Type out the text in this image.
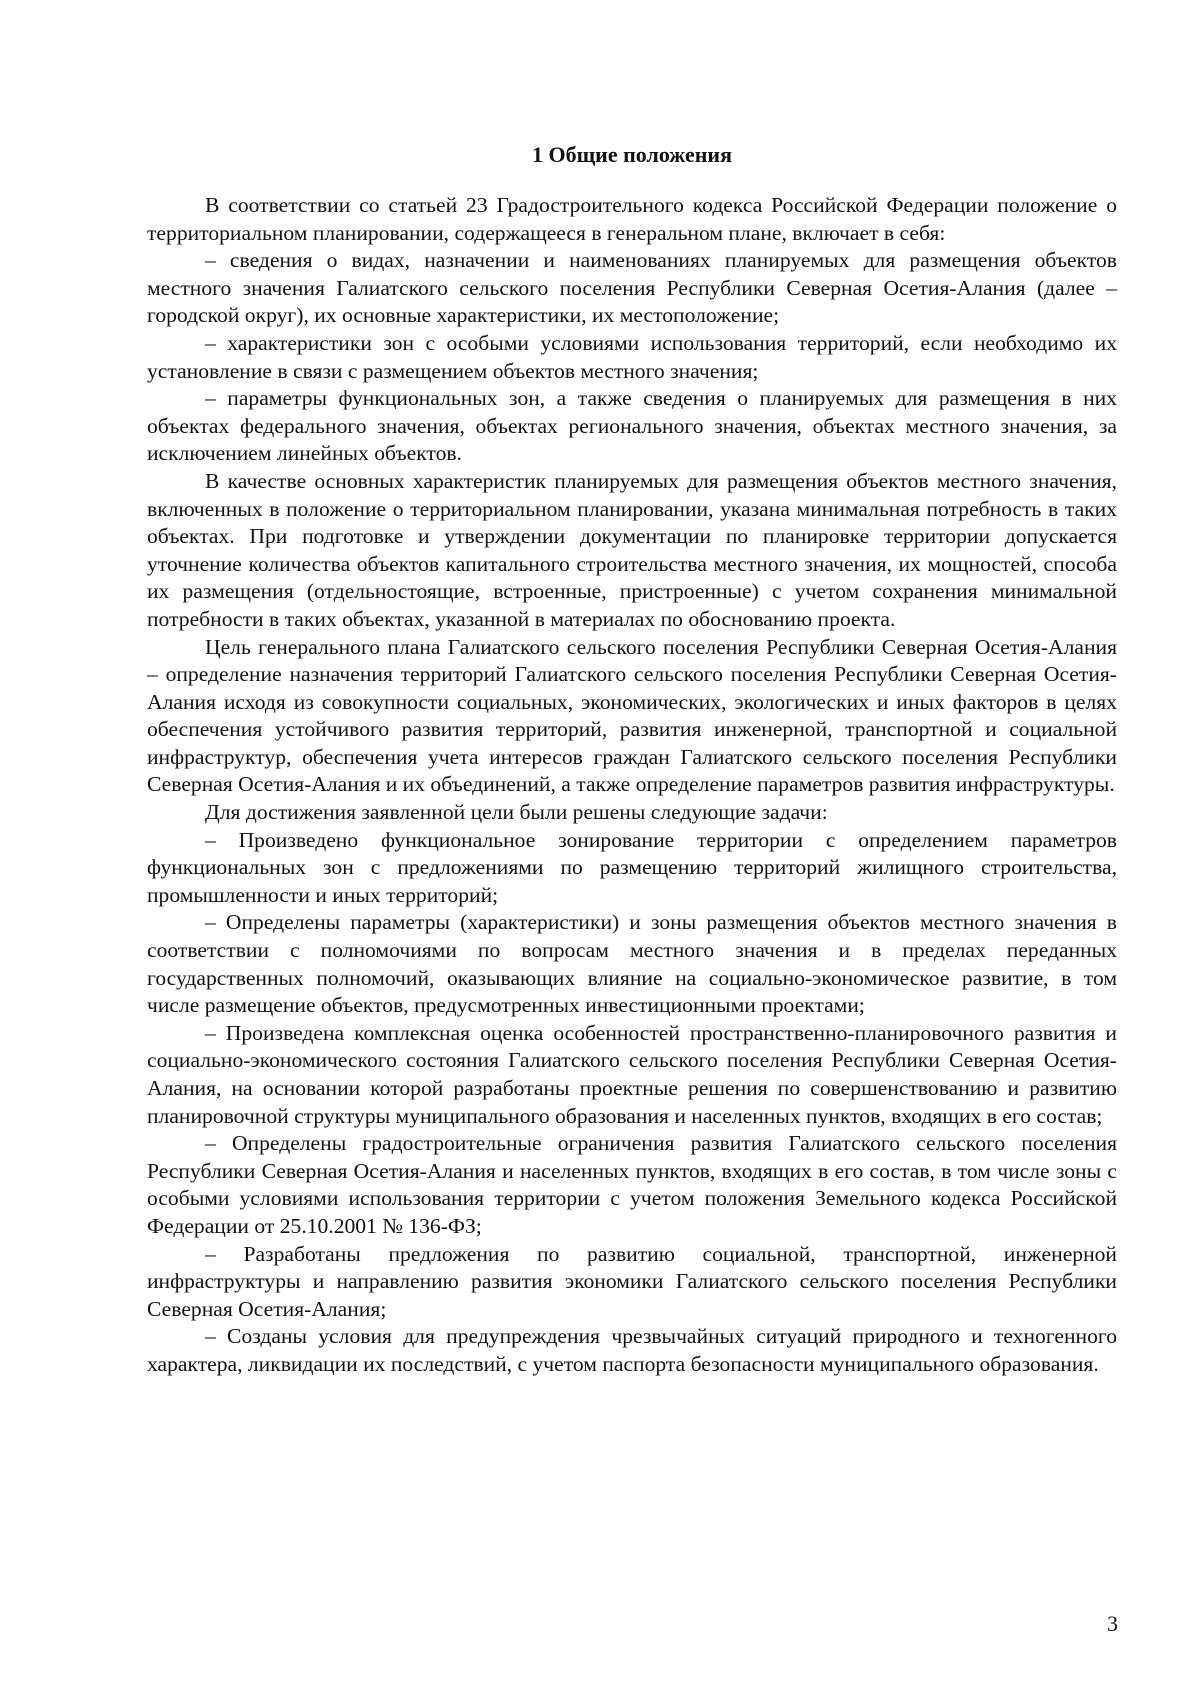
1 Общие положения

В соответствии со статьей 23 Градостроительного кодекса Российской Федерации положение о территориальном планировании, содержащееся в генеральном плане, включает в себя:

– сведения о видах, назначении и наименованиях планируемых для размещения объектов местного значения Галиатского сельского поселения Республики Северная Осетия-Алания (далее – городской округ), их основные характеристики, их местоположение;

– характеристики зон с особыми условиями использования территорий, если необходимо их установление в связи с размещением объектов местного значения;

– параметры функциональных зон, а также сведения о планируемых для размещения в них объектах федерального значения, объектах регионального значения, объектах местного значения, за исключением линейных объектов.

В качестве основных характеристик планируемых для размещения объектов местного значения, включенных в положение о территориальном планировании, указана минимальная потребность в таких объектах. При подготовке и утверждении документации по планировке территории допускается уточнение количества объектов капитального строительства местного значения, их мощностей, способа их размещения (отдельностоящие, встроенные, пристроенные) с учетом сохранения минимальной потребности в таких объектах, указанной в материалах по обоснованию проекта.

Цель генерального плана Галиатского сельского поселения Республики Северная Осетия-Алания – определение назначения территорий Галиатского сельского поселения Республики Северная Осетия-Алания исходя из совокупности социальных, экономических, экологических и иных факторов в целях обеспечения устойчивого развития территорий, развития инженерной, транспортной и социальной инфраструктур, обеспечения учета интересов граждан Галиатского сельского поселения Республики Северная Осетия-Алания и их объединений, а также определение параметров развития инфраструктуры.

Для достижения заявленной цели были решены следующие задачи:

– Произведено функциональное зонирование территории с определением параметров функциональных зон с предложениями по размещению территорий жилищного строительства, промышленности и иных территорий;

– Определены параметры (характеристики) и зоны размещения объектов местного значения в соответствии с полномочиями по вопросам местного значения и в пределах переданных государственных полномочий, оказывающих влияние на социально-экономическое развитие, в том числе размещение объектов, предусмотренных инвестиционными проектами;

– Произведена комплексная оценка особенностей пространственно-планировочного развития и социально-экономического состояния Галиатского сельского поселения Республики Северная Осетия-Алания, на основании которой разработаны проектные решения по совершенствованию и развитию планировочной структуры муниципального образования и населенных пунктов, входящих в его состав;

– Определены градостроительные ограничения развития Галиатского сельского поселения Республики Северная Осетия-Алания и населенных пунктов, входящих в его состав, в том числе зоны с особыми условиями использования территории с учетом положения Земельного кодекса Российской Федерации от 25.10.2001 № 136-ФЗ;

– Разработаны предложения по развитию социальной, транспортной, инженерной инфраструктуры и направлению развития экономики Галиатского сельского поселения Республики Северная Осетия-Алания;

– Созданы условия для предупреждения чрезвычайных ситуаций природного и техногенного характера, ликвидации их последствий, с учетом паспорта безопасности муниципального образования.

3
